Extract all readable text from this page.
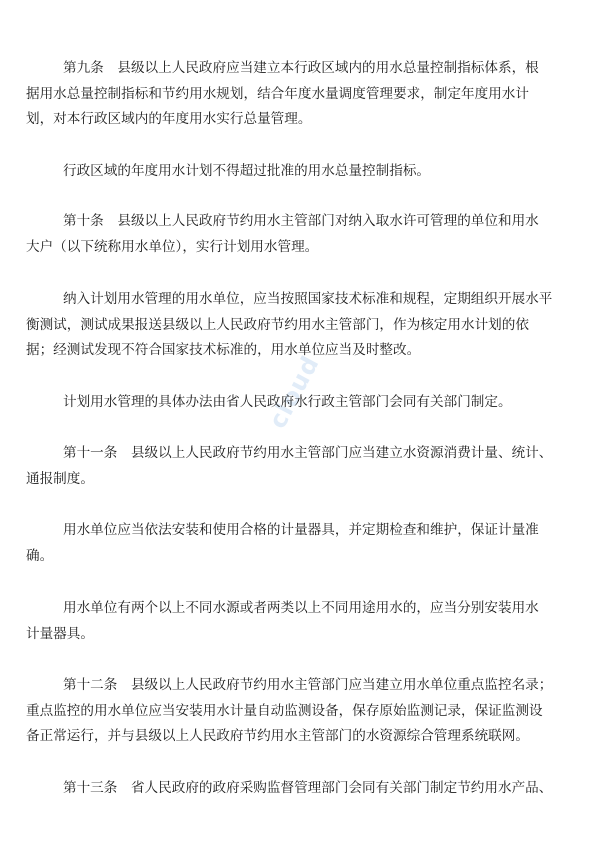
cloud

第九条　县级以上人民政府应当建立本行政区域内的用水总量控制指标体系，根
据用水总量控制指标和节约用水规划，结合年度水量调度管理要求，制定年度用水计
划，对本行政区域内的年度用水实行总量管理。

行政区域的年度用水计划不得超过批准的用水总量控制指标。

第十条　县级以上人民政府节约用水主管部门对纳入取水许可管理的单位和用水
大户（以下统称用水单位），实行计划用水管理。

纳入计划用水管理的用水单位，应当按照国家技术标准和规程，定期组织开展水平
衡测试，测试成果报送县级以上人民政府节约用水主管部门，作为核定用水计划的依
据；经测试发现不符合国家技术标准的，用水单位应当及时整改。

计划用水管理的具体办法由省人民政府水行政主管部门会同有关部门制定。

第十一条　县级以上人民政府节约用水主管部门应当建立水资源消费计量、统计、
通报制度。

用水单位应当依法安装和使用合格的计量器具，并定期检查和维护，保证计量准
确。

用水单位有两个以上不同水源或者两类以上不同用途用水的，应当分别安装用水
计量器具。

第十二条　县级以上人民政府节约用水主管部门应当建立用水单位重点监控名录；
重点监控的用水单位应当安装用水计量自动监测设备，保存原始监测记录，保证监测设
备正常运行，并与县级以上人民政府节约用水主管部门的水资源综合管理系统联网。

第十三条　省人民政府的政府采购监督管理部门会同有关部门制定节约用水产品、
